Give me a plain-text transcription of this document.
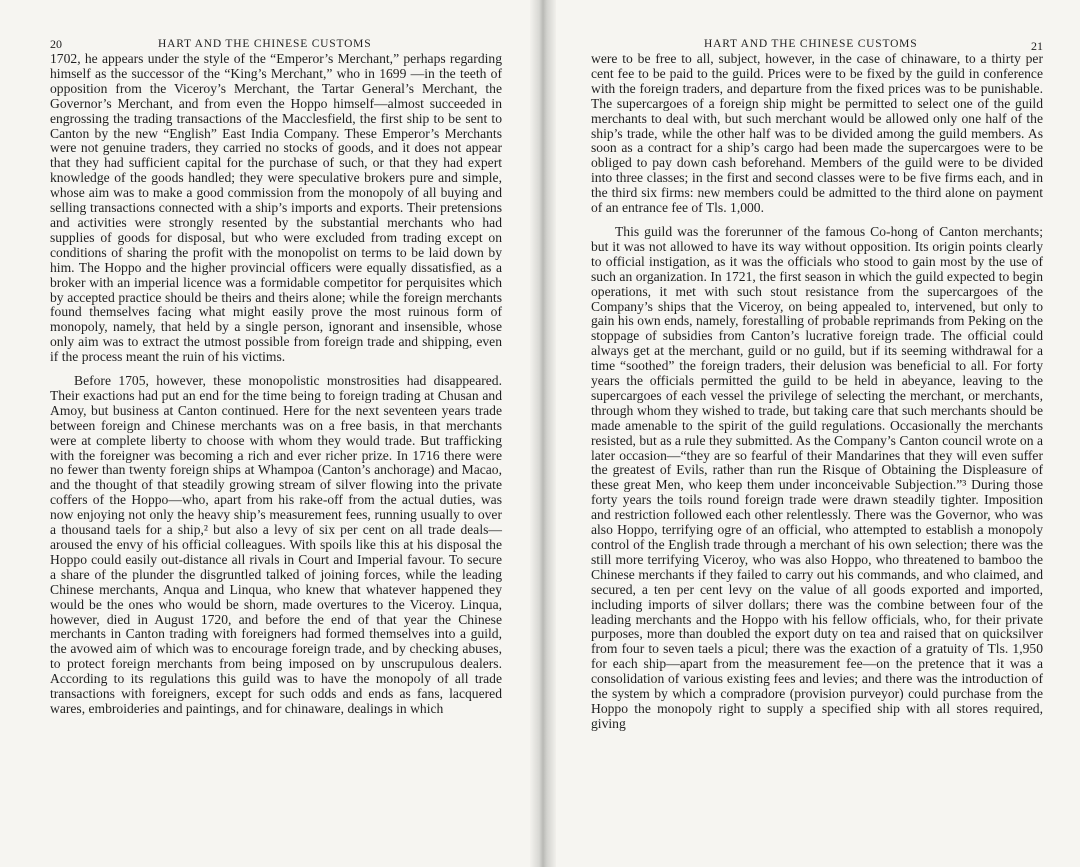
20	HART AND THE CHINESE CUSTOMS

1702, he appears under the style of the “Emperor’s Merchant,” perhaps regarding himself as the successor of the “King’s Merchant,” who in 1699 —in the teeth of opposition from the Viceroy’s Merchant, the Tartar General’s Merchant, the Governor’s Merchant, and from even the Hoppo himself—almost succeeded in engrossing the trading transactions of the Macclesfield, the first ship to be sent to Canton by the new “English” East India Company. These Emperor’s Merchants were not genuine traders, they carried no stocks of goods, and it does not appear that they had sufficient capital for the purchase of such, or that they had expert knowledge of the goods handled; they were speculative brokers pure and simple, whose aim was to make a good commission from the monopoly of all buying and selling transactions connected with a ship’s imports and exports. Their pretensions and activities were strongly resented by the substantial merchants who had supplies of goods for disposal, but who were excluded from trading except on conditions of sharing the profit with the monopolist on terms to be laid down by him. The Hoppo and the higher provincial officers were equally dissatisfied, as a broker with an imperial licence was a formidable competitor for perquisites which by accepted practice should be theirs and theirs alone; while the foreign merchants found themselves facing what might easily prove the most ruinous form of monopoly, namely, that held by a single person, ignorant and insensible, whose only aim was to extract the utmost possible from foreign trade and shipping, even if the process meant the ruin of his victims.

Before 1705, however, these monopolistic monstrosities had disappeared. Their exactions had put an end for the time being to foreign trading at Chusan and Amoy, but business at Canton continued. Here for the next seventeen years trade between foreign and Chinese merchants was on a free basis, in that merchants were at complete liberty to choose with whom they would trade. But trafficking with the foreigner was becoming a rich and ever richer prize. In 1716 there were no fewer than twenty foreign ships at Whampoa (Canton’s anchorage) and Macao, and the thought of that steadily growing stream of silver flowing into the private coffers of the Hoppo—who, apart from his rake-off from the actual duties, was now enjoying not only the heavy ship’s measurement fees, running usually to over a thousand taels for a ship,² but also a levy of six per cent on all trade deals—aroused the envy of his official colleagues. With spoils like this at his disposal the Hoppo could easily out-distance all rivals in Court and Imperial favour. To secure a share of the plunder the disgruntled talked of joining forces, while the leading Chinese merchants, Anqua and Linqua, who knew that whatever happened they would be the ones who would be shorn, made overtures to the Viceroy. Linqua, however, died in August 1720, and before the end of that year the Chinese merchants in Canton trading with foreigners had formed themselves into a guild, the avowed aim of which was to encourage foreign trade, and by checking abuses, to protect foreign merchants from being imposed on by unscrupulous dealers. According to its regulations this guild was to have the monopoly of all trade transactions with foreigners, except for such odds and ends as fans, lacquered wares, embroideries and paintings, and for chinaware, dealings in which

HART AND THE CHINESE CUSTOMS	21

were to be free to all, subject, however, in the case of chinaware, to a thirty per cent fee to be paid to the guild. Prices were to be fixed by the guild in conference with the foreign traders, and departure from the fixed prices was to be punishable. The supercargoes of a foreign ship might be permitted to select one of the guild merchants to deal with, but such merchant would be allowed only one half of the ship’s trade, while the other half was to be divided among the guild members. As soon as a contract for a ship’s cargo had been made the supercargoes were to be obliged to pay down cash beforehand. Members of the guild were to be divided into three classes; in the first and second classes were to be five firms each, and in the third six firms: new members could be admitted to the third alone on payment of an entrance fee of Tls. 1,000.

This guild was the forerunner of the famous Co-hong of Canton merchants; but it was not allowed to have its way without opposition. Its origin points clearly to official instigation, as it was the officials who stood to gain most by the use of such an organization. In 1721, the first season in which the guild expected to begin operations, it met with such stout resistance from the supercargoes of the Company’s ships that the Viceroy, on being appealed to, intervened, but only to gain his own ends, namely, forestalling of probable reprimands from Peking on the stoppage of subsidies from Canton’s lucrative foreign trade. The official could always get at the merchant, guild or no guild, but if its seeming withdrawal for a time “soothed” the foreign traders, their delusion was beneficial to all. For forty years the officials permitted the guild to be held in abeyance, leaving to the supercargoes of each vessel the privilege of selecting the merchant, or merchants, through whom they wished to trade, but taking care that such merchants should be made amenable to the spirit of the guild regulations. Occasionally the merchants resisted, but as a rule they submitted. As the Company’s Canton council wrote on a later occasion—“they are so fearful of their Mandarines that they will even suffer the greatest of Evils, rather than run the Risque of Obtaining the Displeasure of these great Men, who keep them under inconceivable Subjection.”³ During those forty years the toils round foreign trade were drawn steadily tighter. Imposition and restriction followed each other relentlessly. There was the Governor, who was also Hoppo, terrifying ogre of an official, who attempted to establish a monopoly control of the English trade through a merchant of his own selection; there was the still more terrifying Viceroy, who was also Hoppo, who threatened to bamboo the Chinese merchants if they failed to carry out his commands, and who claimed, and secured, a ten per cent levy on the value of all goods exported and imported, including imports of silver dollars; there was the combine between four of the leading merchants and the Hoppo with his fellow officials, who, for their private purposes, more than doubled the export duty on tea and raised that on quicksilver from four to seven taels a picul; there was the exaction of a gratuity of Tls. 1,950 for each ship—apart from the measurement fee—on the pretence that it was a consolidation of various existing fees and levies; and there was the introduction of the system by which a compradore (provision purveyor) could purchase from the Hoppo the monopoly right to supply a specified ship with all stores required, giving
